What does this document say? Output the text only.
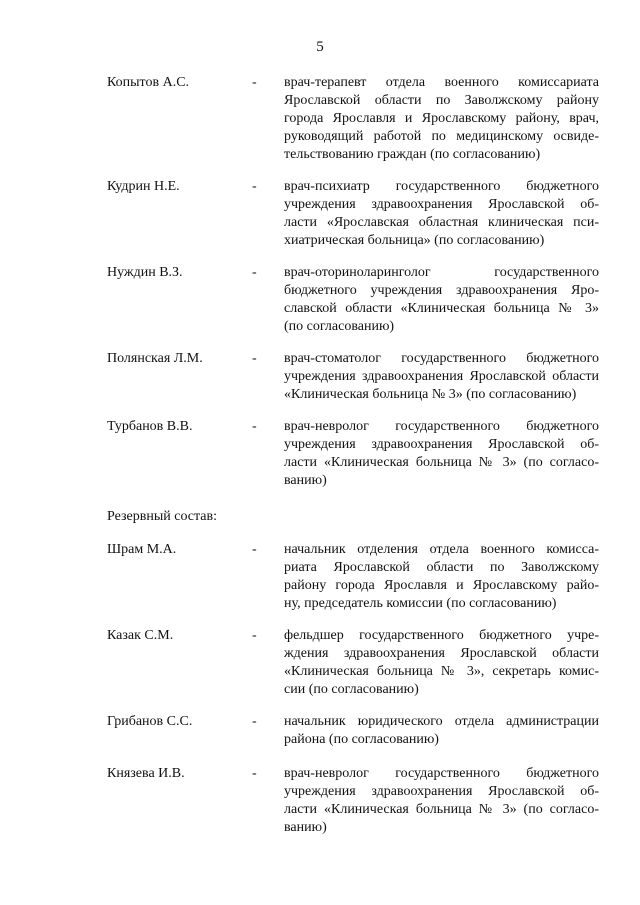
5
Копытов А.С.	- врач-терапевт отдела военного комиссариата
Ярославской области по Заволжскому району
города Ярославля и Ярославскому району, врач,
руководящий работой по медицинскому освиде-
тельствованию граждан (по согласованию)
Кудрин Н.Е.	- врач-психиатр государственного бюджетного
учреждения здравоохранения Ярославской об-
ласти «Ярославская областная клиническая пси-
хиатрическая больница» (по согласованию)
Нуждин В.З.	- врач-оториноларинголог государственного
бюджетного учреждения здравоохранения Яро-
славской области «Клиническая больница № 3»
(по согласованию)
Полянская Л.М.	- врач-стоматолог государственного бюджетного
учреждения здравоохранения Ярославской области
«Клиническая больница № 3» (по согласованию)
Турбанов В.В.	- врач-невролог государственного бюджетного
учреждения здравоохранения Ярославской об-
ласти «Клиническая больница № 3» (по согласо-
ванию)
Резервный состав:
Шрам М.А.	- начальник отделения отдела военного комисса-
риата Ярославской области по Заволжскому
району города Ярославля и Ярославскому райо-
ну, председатель комиссии (по согласованию)
Казак С.М.	- фельдшер государственного бюджетного учре-
ждения здравоохранения Ярославской области
«Клиническая больница № 3», секретарь комис-
сии (по согласованию)
Грибанов С.С.	- начальник юридического отдела администрации
района (по согласованию)
Князева И.В.	- врач-невролог государственного бюджетного
учреждения здравоохранения Ярославской об-
ласти «Клиническая больница № 3» (по согласо-
ванию)
